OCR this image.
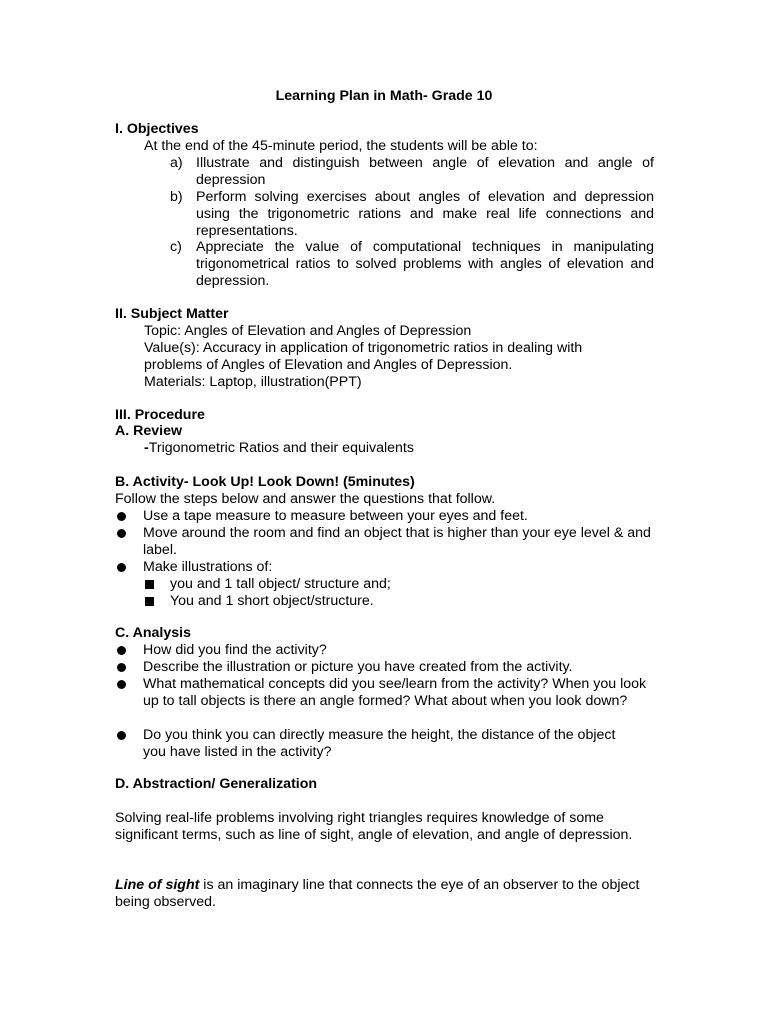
Learning Plan in Math- Grade 10
I. Objectives
At the end of the 45-minute period, the students will be able to:
a) Illustrate and distinguish between angle of elevation and angle of depression
b) Perform solving exercises about angles of elevation and depression using the trigonometric rations and make real life connections and representations.
c) Appreciate the value of computational techniques in manipulating trigonometrical ratios to solved problems with angles of elevation and depression.
II. Subject Matter
Topic: Angles of Elevation and Angles of Depression
Value(s): Accuracy in application of trigonometric ratios in dealing with
problems of Angles of Elevation and Angles of Depression.
Materials: Laptop, illustration(PPT)
III. Procedure
A. Review
-Trigonometric Ratios and their equivalents
B. Activity- Look Up! Look Down! (5minutes)
Follow the steps below and answer the questions that follow.
Use a tape measure to measure between your eyes and feet.
Move around the room and find an object that is higher than your eye level & and label.
Make illustrations of:
you and 1 tall object/ structure and;
You and 1 short object/structure.
C. Analysis
How did you find the activity?
Describe the illustration or picture you have created from the activity.
What mathematical concepts did you see/learn from the activity? When you look up to tall objects is there an angle formed? What about when you look down?
Do you think you can directly measure the height, the distance of the object you have listed in the activity?
D. Abstraction/ Generalization
Solving real-life problems involving right triangles requires knowledge of some significant terms, such as line of sight, angle of elevation, and angle of depression.
Line of sight is an imaginary line that connects the eye of an observer to the object being observed.
